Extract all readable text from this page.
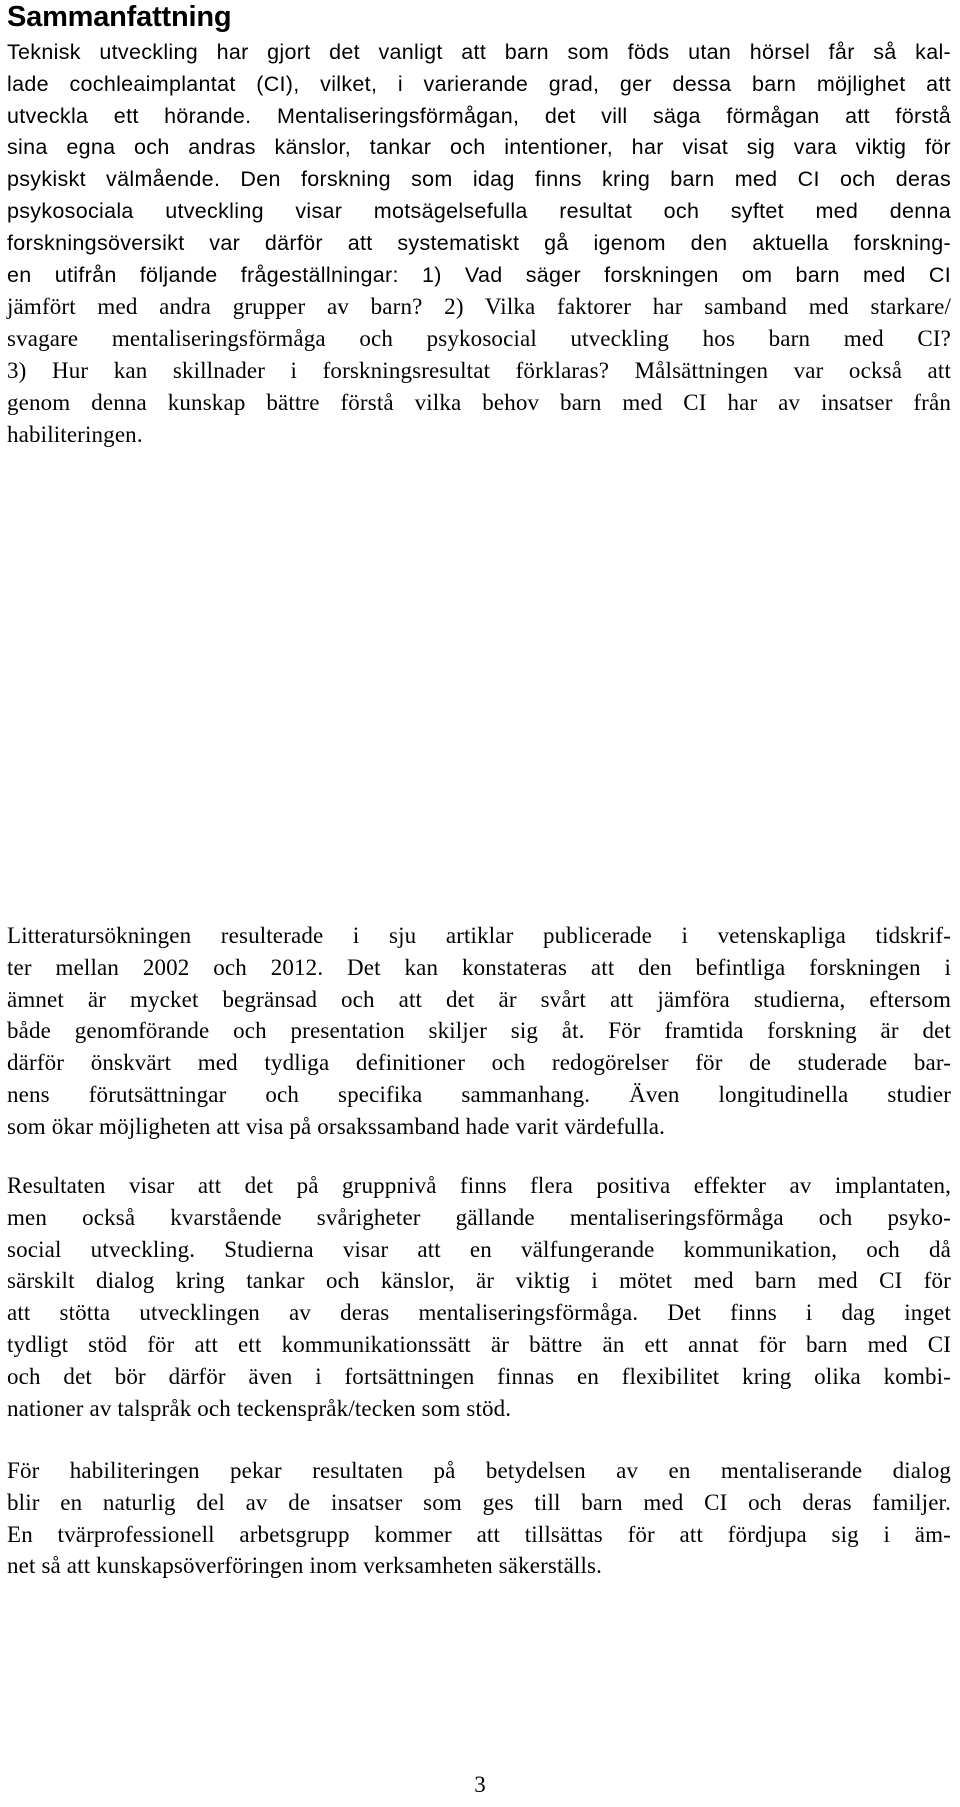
Sammanfattning
Teknisk utveckling har gjort det vanligt att barn som föds utan hörsel får så kal-
lade cochleaimplantat (CI), vilket, i varierande grad, ger dessa barn möjlighet att
utveckla ett hörande. Mentaliseringsförmågan, det vill säga förmågan att förstå
sina egna och andras känslor, tankar och intentioner, har visat sig vara viktig för
psykiskt välmående. Den forskning som idag finns kring barn med CI och deras
psykosociala utveckling visar motsägelsefulla resultat och syftet med denna
forskningsöversikt var därför att systematiskt gå igenom den aktuella forskning-
en utifrån följande frågeställningar: 1) Vad säger forskningen om barn med CI
jämfört med andra grupper av barn? 2) Vilka faktorer har samband med starkare/
svagare mentaliseringsförmåga och psykosocial utveckling hos barn med CI?
3) Hur kan skillnader i forskningsresultat förklaras? Målsättningen var också att
genom denna kunskap bättre förstå vilka behov barn med CI har av insatser från
habiliteringen.
Litteratursökningen resulterade i sju artiklar publicerade i vetenskapliga tidskrif-
ter mellan 2002 och 2012. Det kan konstateras att den befintliga forskningen i
ämnet är mycket begränsad och att det är svårt att jämföra studierna, eftersom
både genomförande och presentation skiljer sig åt. För framtida forskning är det
därför önskvärt med tydliga definitioner och redogörelser för de studerade bar-
nens förutsättningar och specifika sammanhang. Även longitudinella studier
som ökar möjligheten att visa på orsakssamband hade varit värdefulla.
Resultaten visar att det på gruppnivå finns flera positiva effekter av implantaten,
men också kvarstående svårigheter gällande mentaliseringsförmåga och psyko-
social utveckling. Studierna visar att en välfungerande kommunikation, och då
särskilt dialog kring tankar och känslor, är viktig i mötet med barn med CI för
att stötta utvecklingen av deras mentaliseringsförmåga. Det finns i dag inget
tydligt stöd för att ett kommunikationssätt är bättre än ett annat för barn med CI
och det bör därför även i fortsättningen finnas en flexibilitet kring olika kombi-
nationer av talspråk och teckenspråk/tecken som stöd.
För habiliteringen pekar resultaten på betydelsen av en mentaliserande dialog
blir en naturlig del av de insatser som ges till barn med CI och deras familjer.
En tvärprofessionell arbetsgrupp kommer att tillsättas för att fördjupa sig i äm-
net så att kunskapsöverföringen inom verksamheten säkerställs.

3
